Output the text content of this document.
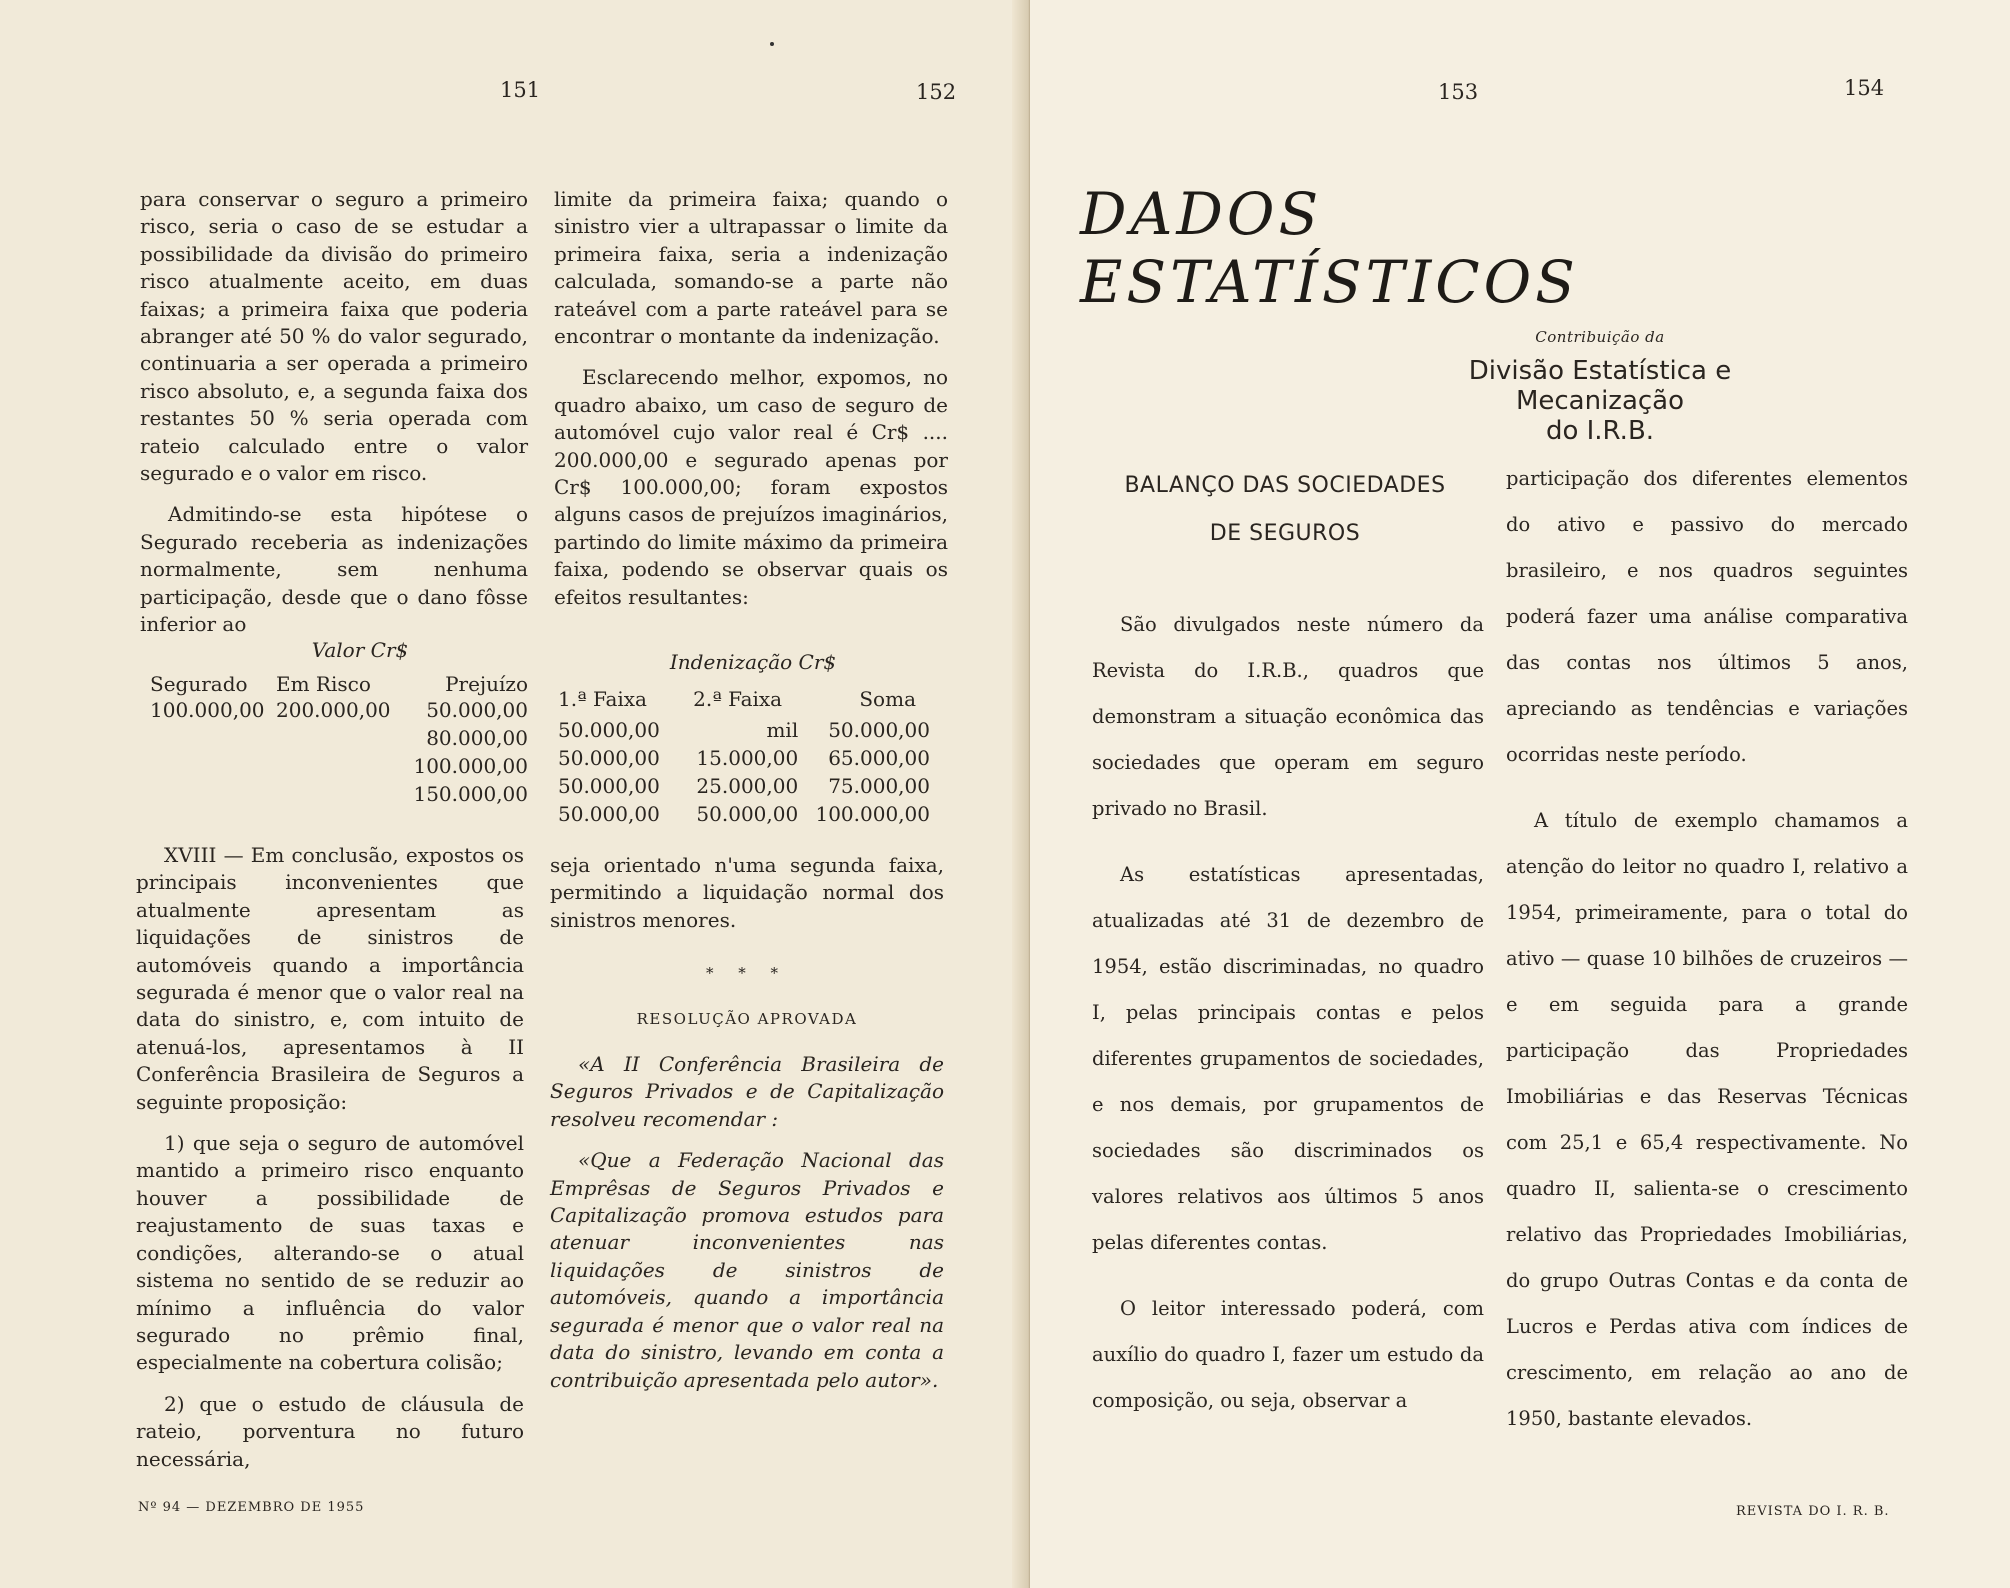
151	152

para conservar o seguro a primeiro risco, seria o caso de se estudar a possibilidade da divisão do primeiro risco atualmente aceito, em duas faixas; a primeira faixa que poderia abranger até 50 % do valor segurado, continuaria a ser operada a primeiro risco absoluto, e, a segunda faixa dos restantes 50 % seria operada com rateio calculado entre o valor segurado e o valor em risco.

Admitindo-se esta hipótese o Segurado receberia as indenizações normalmente, sem nenhuma participação, desde que o dano fôsse inferior ao

Valor Cr$
Segurado	Em Risco	Prejuízo
100.000,00	200.000,00	50.000,00
		80.000,00
		100.000,00
		150.000,00

XVIII — Em conclusão, expostos os principais inconvenientes que atualmente apresentam as liquidações de sinistros de automóveis quando a importância segurada é menor que o valor real na data do sinistro, e, com intuito de atenuá-los, apresentamos à II Conferência Brasileira de Seguros a seguinte proposição:

1) que seja o seguro de automóvel mantido a primeiro risco enquanto houver a possibilidade de reajustamento de suas taxas e condições, alterando-se o atual sistema no sentido de se reduzir ao mínimo a influência do valor segurado no prêmio final, especialmente na cobertura colisão;

2) que o estudo de cláusula de rateio, porventura no futuro necessária,

limite da primeira faixa; quando o sinistro vier a ultrapassar o limite da primeira faixa, seria a indenização calculada, somando-se a parte não rateável com a parte rateável para se encontrar o montante da indenização.

Esclarecendo melhor, expomos, no quadro abaixo, um caso de seguro de automóvel cujo valor real é Cr$ .... 200.000,00 e segurado apenas por Cr$ 100.000,00; foram expostos alguns casos de prejuízos imaginários, partindo do limite máximo da primeira faixa, podendo se observar quais os efeitos resultantes:

Indenização Cr$
1.ª Faixa	2.ª Faixa	Soma
50.000,00	mil	50.000,00
50.000,00	15.000,00	65.000,00
50.000,00	25.000,00	75.000,00
50.000,00	50.000,00	100.000,00

seja orientado n'uma segunda faixa, permitindo a liquidação normal dos sinistros menores.

* * *

RESOLUÇÃO APROVADA

«A II Conferência Brasileira de Seguros Privados e de Capitalização resolveu recomendar :

«Que a Federação Nacional das Emprêsas de Seguros Privados e Capitalização promova estudos para atenuar inconvenientes nas liquidações de sinistros de automóveis, quando a importância segurada é menor que o valor real na data do sinistro, levando em conta a contribuição apresentada pelo autor».

Nº 94 — DEZEMBRO DE 1955
153	154
DADOS ESTATÍSTICOS
Contribuição da
Divisão Estatística e Mecanização
do I.R.B.
BALANÇO DAS SOCIEDADES
DE SEGUROS

São divulgados neste número da Revista do I.R.B., quadros que demonstram a situação econômica das sociedades que operam em seguro privado no Brasil.

As estatísticas apresentadas, atualizadas até 31 de dezembro de 1954, estão discriminadas, no quadro I, pelas principais contas e pelos diferentes grupamentos de sociedades, e nos demais, por grupamentos de sociedades são discriminados os valores relativos aos últimos 5 anos pelas diferentes contas.

O leitor interessado poderá, com auxílio do quadro I, fazer um estudo da composição, ou seja, observar a

participação dos diferentes elementos do ativo e passivo do mercado brasileiro, e nos quadros seguintes poderá fazer uma análise comparativa das contas nos últimos 5 anos, apreciando as tendências e variações ocorridas neste período.

A título de exemplo chamamos a atenção do leitor no quadro I, relativo a 1954, primeiramente, para o total do ativo — quase 10 bilhões de cruzeiros — e em seguida para a grande participação das Propriedades Imobiliárias e das Reservas Técnicas com 25,1 e 65,4 respectivamente. No quadro II, salienta-se o crescimento relativo das Propriedades Imobiliárias, do grupo Outras Contas e da conta de Lucros e Perdas ativa com índices de crescimento, em relação ao ano de 1950, bastante elevados.

REVISTA DO I. R. B.
